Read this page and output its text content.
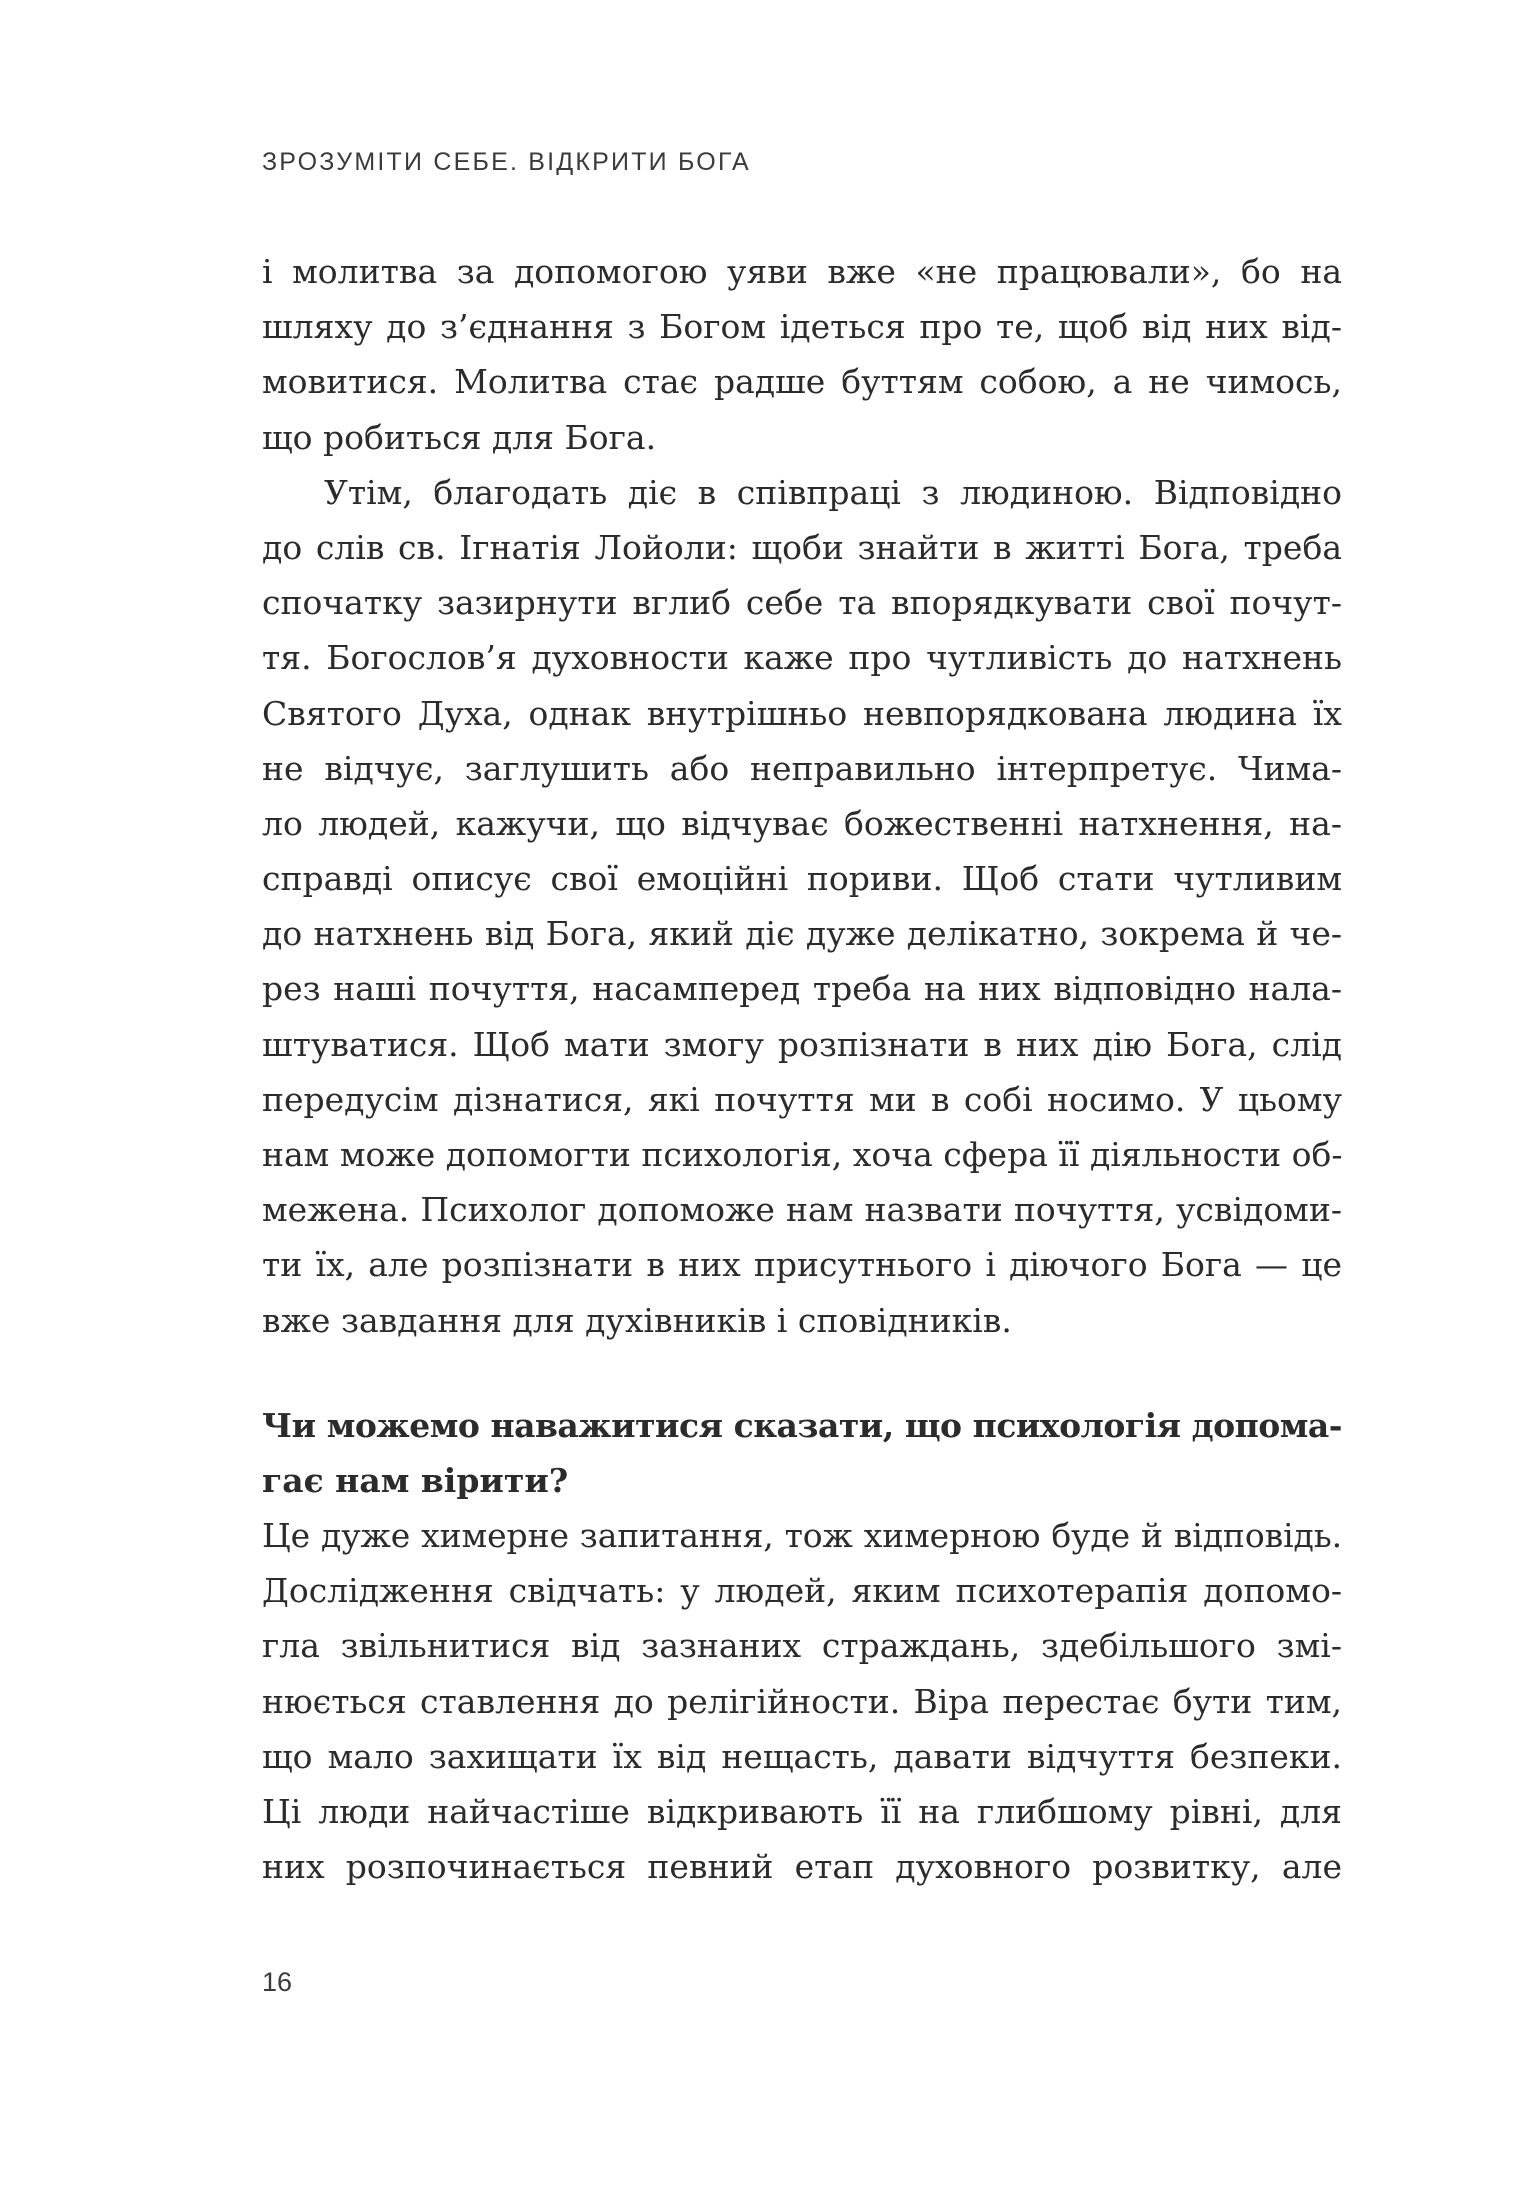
ЗРОЗУМІТИ СЕБЕ. ВІДКРИТИ БОГА
і молитва за допомогою уяви вже «не працювали», бо на
шляху до з’єднання з Богом ідеться про те, щоб від них від-
мовитися. Молитва стає радше буттям собою, а не чимось,
що робиться для Бога.
Утім, благодать діє в співпраці з людиною. Відповідно
до слів св. Ігнатія Лойоли: щоби знайти в житті Бога, треба
спочатку зазирнути вглиб себе та впорядкувати свої почут-
тя. Богослов’я духовности каже про чутливість до натхнень
Святого Духа, однак внутрішньо невпорядкована людина їх
не відчує, заглушить або неправильно інтерпретує. Чима-
ло людей, кажучи, що відчуває божественні натхнення, на-
справді описує свої емоційні пориви. Щоб стати чутливим
до натхнень від Бога, який діє дуже делікатно, зокрема й че-
рез наші почуття, насамперед треба на них відповідно нала-
штуватися. Щоб мати змогу розпізнати в них дію Бога, слід
передусім дізнатися, які почуття ми в собі носимо. У цьому
нам може допомогти психологія, хоча сфера її діяльности об-
межена. Психолог допоможе нам назвати почуття, усвідоми-
ти їх, але розпізнати в них присутнього і діючого Бога — це
вже завдання для духівників і сповідників.
Чи можемо наважитися сказати, що психологія допома-
гає нам вірити?
Це дуже химерне запитання, тож химерною буде й відповідь.
Дослідження свідчать: у людей, яким психотерапія допомо-
гла звільнитися від зазнаних страждань, здебільшого змі-
нюється ставлення до релігійности. Віра перестає бути тим,
що мало захищати їх від нещасть, давати відчуття безпеки.
Ці люди найчастіше відкривають її на глибшому рівні, для
них розпочинається певний етап духовного розвитку, але
16
